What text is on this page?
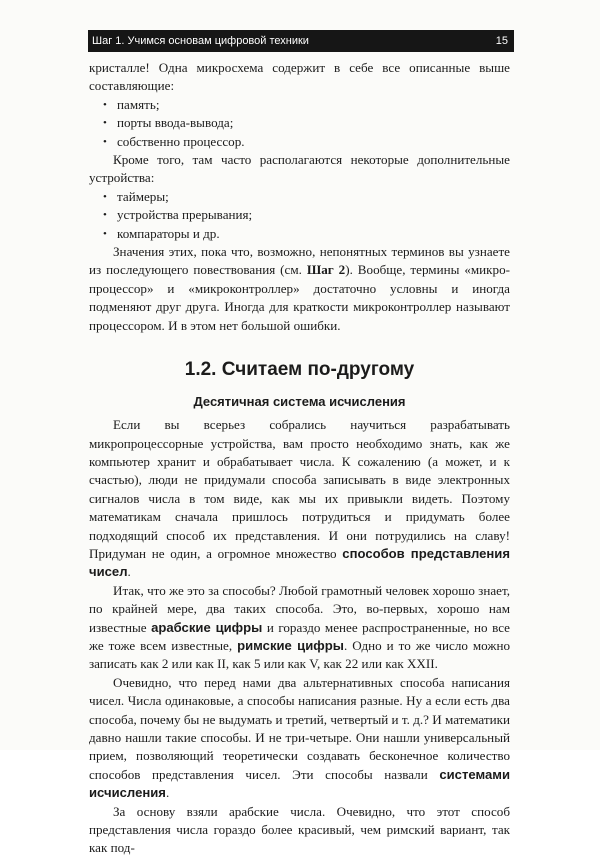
Шаг 1. Учимся основам цифровой техники	15

кристалле! Одна микросхема содержит в себе все описанные выше составляющие:

• память;
• порты ввода-вывода;
• собственно процессор.

Кроме того, там часто располагаются некоторые дополнительные устройства:

• таймеры;
• устройства прерывания;
• компараторы и др.

Значения этих, пока что, возможно, непонятных терминов вы узнаете из последующего повествования (см. Шаг 2). Вообще, термины «микро-процессор» и «микроконтроллер» достаточно условны и иногда подменяют друг друга. Иногда для краткости микроконтроллер называют процессором. И в этом нет большой ошибки.

1.2. Считаем по-другому
Десятичная система исчисления

Если вы всерьез собрались научиться разрабатывать микропроцессорные устройства, вам просто необходимо знать, как же компьютер хранит и обрабатывает числа. К сожалению (а может, и к счастью), люди не придумали способа записывать в виде электронных сигналов числа в том виде, как мы их привыкли видеть. Поэтому математикам сначала пришлось потрудиться и придумать более подходящий способ их представления. И они потрудились на славу! Придуман не один, а огромное множество способов представления чисел.

Итак, что же это за способы? Любой грамотный человек хорошо знает, по крайней мере, два таких способа. Это, во-первых, хорошо нам известные арабские цифры и гораздо менее распространенные, но все же тоже всем известные, римские цифры. Одно и то же число можно записать как 2 или как II, как 5 или как V, как 22 или как XXII.

Очевидно, что перед нами два альтернативных способа написания чисел. Числа одинаковые, а способы написания разные. Ну а если есть два способа, почему бы не выдумать и третий, четвертый и т. д.? И математики давно нашли такие способы. И не три-четыре. Они нашли универсальный прием, позволяющий теоретически создавать бесконечное количество способов представления чисел. Эти способы назвали системами исчисления.

За основу взяли арабские числа. Очевидно, что этот способ представления числа гораздо более красивый, чем римский вариант, так как под-
